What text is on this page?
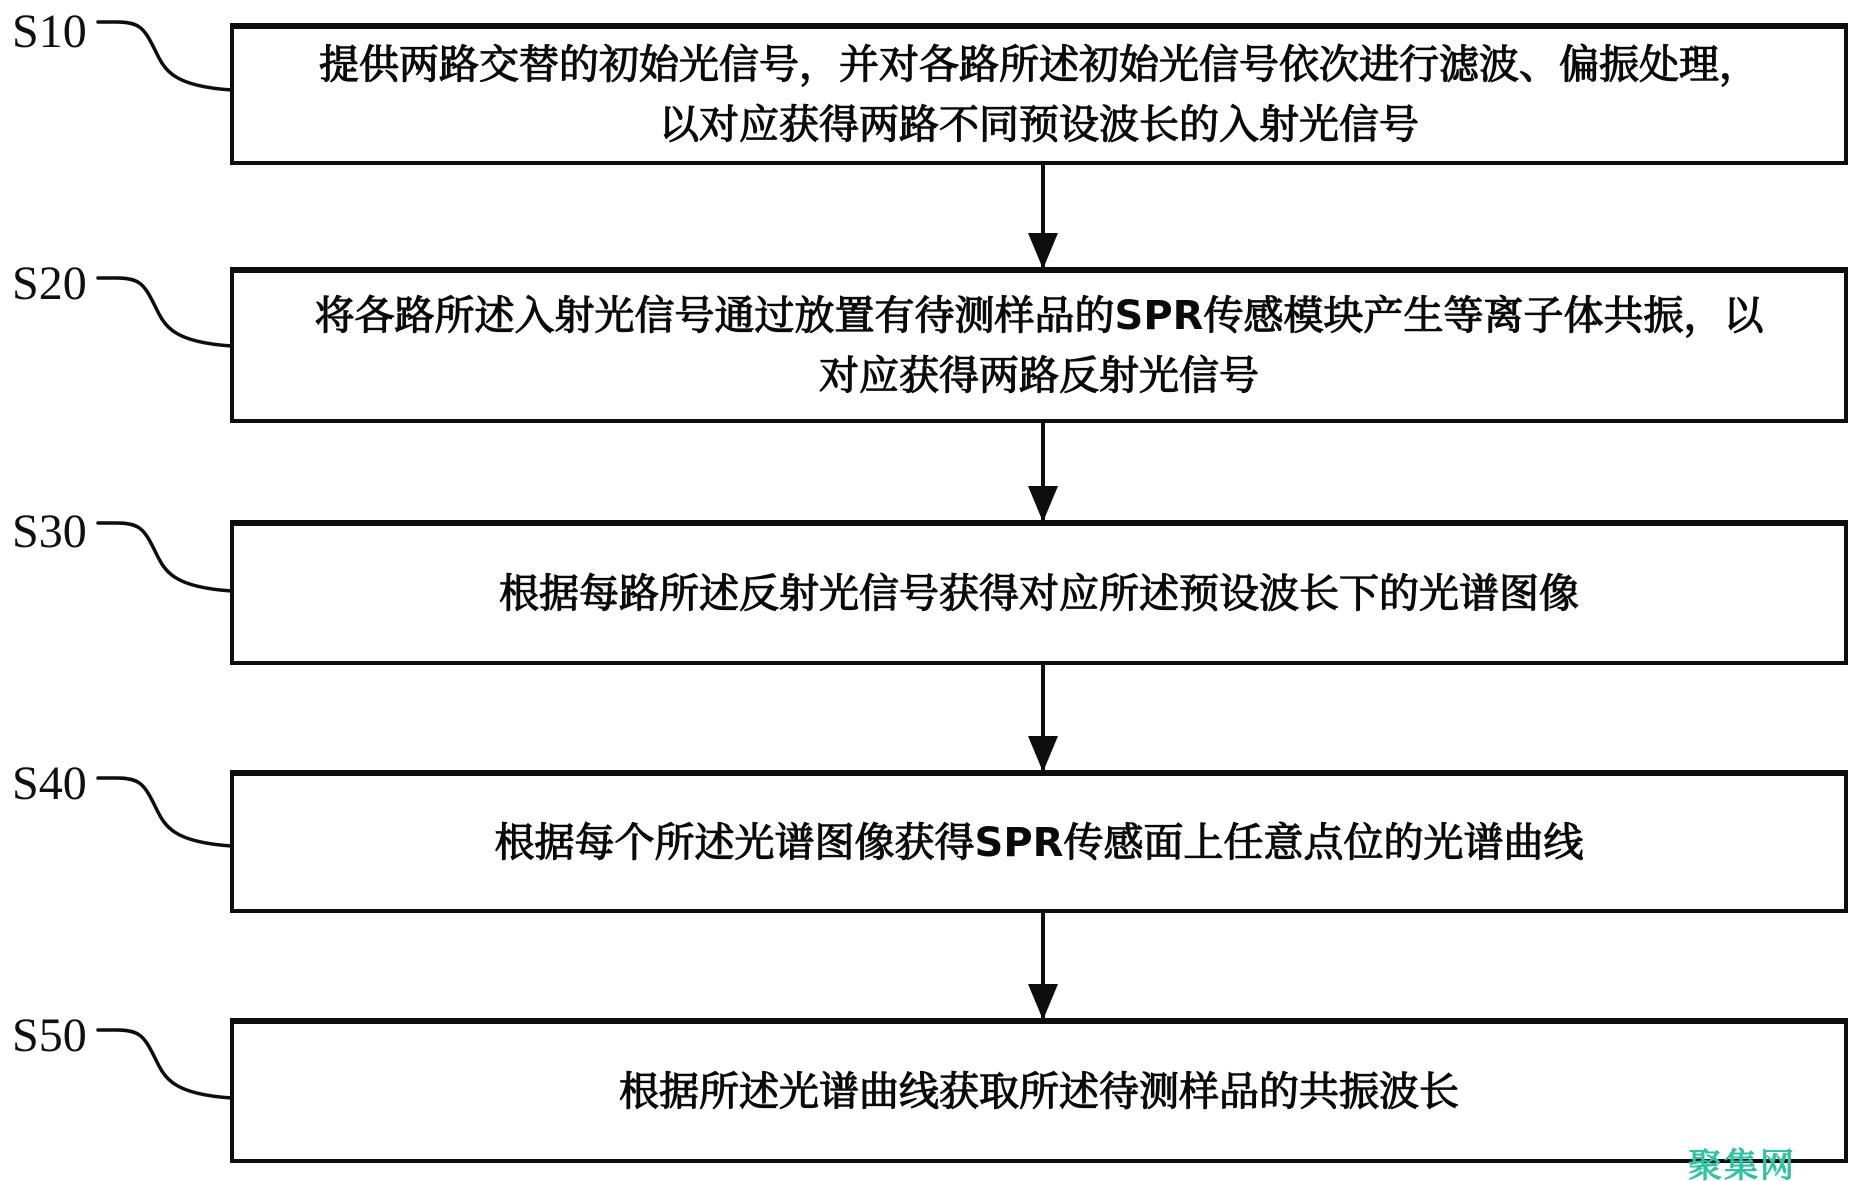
S10
提供两路交替的初始光信号，并对各路所述初始光信号依次进行滤波、偏振处理，以对应获得两路不同预设波长的入射光信号
S20
将各路所述入射光信号通过放置有待测样品的SPR传感模块产生等离子体共振，以对应获得两路反射光信号
S30
根据每路所述反射光信号获得对应所述预设波长下的光谱图像
S40
根据每个所述光谱图像获得SPR传感面上任意点位的光谱曲线
S50
根据所述光谱曲线获取所述待测样品的共振波长
聚集网
